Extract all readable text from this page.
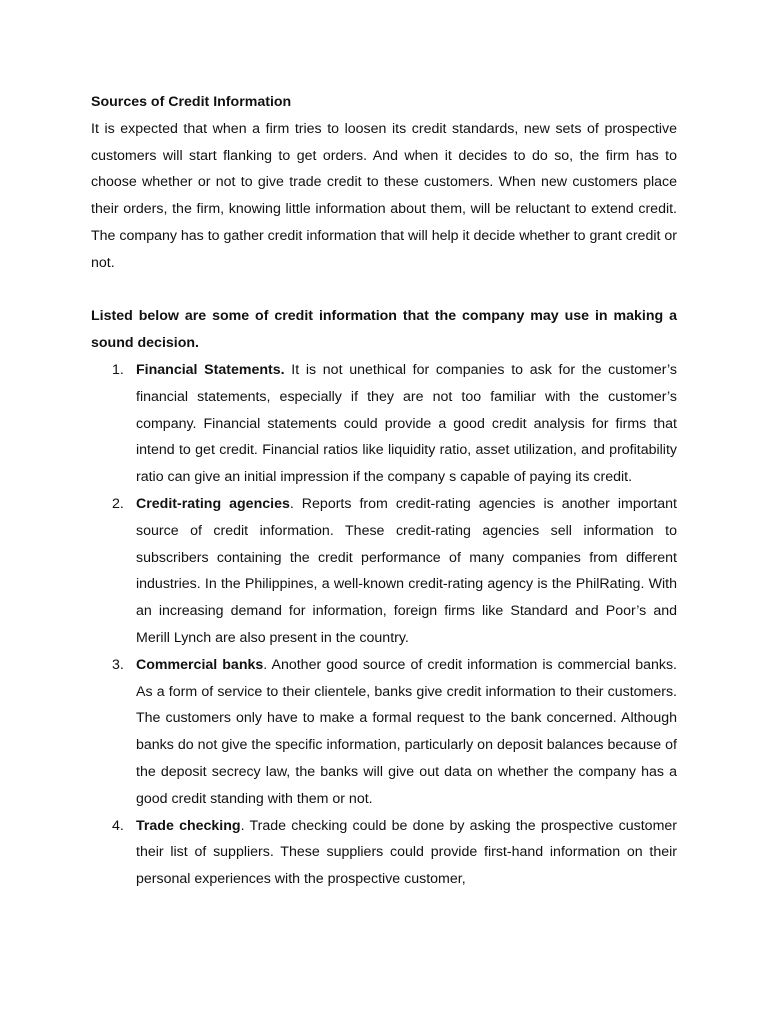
Sources of Credit Information

It is expected that when a firm tries to loosen its credit standards, new sets of prospective customers will start flanking to get orders. And when it decides to do so, the firm has to choose whether or not to give trade credit to these customers. When new customers place their orders, the firm, knowing little information about them, will be reluctant to extend credit. The company has to gather credit information that will help it decide whether to grant credit or not.

Listed below are some of credit information that the company may use in making a sound decision.

1. Financial Statements. It is not unethical for companies to ask for the customer’s financial statements, especially if they are not too familiar with the customer’s company. Financial statements could provide a good credit analysis for firms that intend to get credit. Financial ratios like liquidity ratio, asset utilization, and profitability ratio can give an initial impression if the company s capable of paying its credit.
2. Credit-rating agencies. Reports from credit-rating agencies is another important source of credit information. These credit-rating agencies sell information to subscribers containing the credit performance of many companies from different industries. In the Philippines, a well-known credit-rating agency is the PhilRating. With an increasing demand for information, foreign firms like Standard and Poor’s and Merill Lynch are also present in the country.
3. Commercial banks. Another good source of credit information is commercial banks. As a form of service to their clientele, banks give credit information to their customers. The customers only have to make a formal request to the bank concerned. Although banks do not give the specific information, particularly on deposit balances because of the deposit secrecy law, the banks will give out data on whether the company has a good credit standing with them or not.
4. Trade checking. Trade checking could be done by asking the prospective customer their list of suppliers. These suppliers could provide first-hand information on their personal experiences with the prospective customer,
